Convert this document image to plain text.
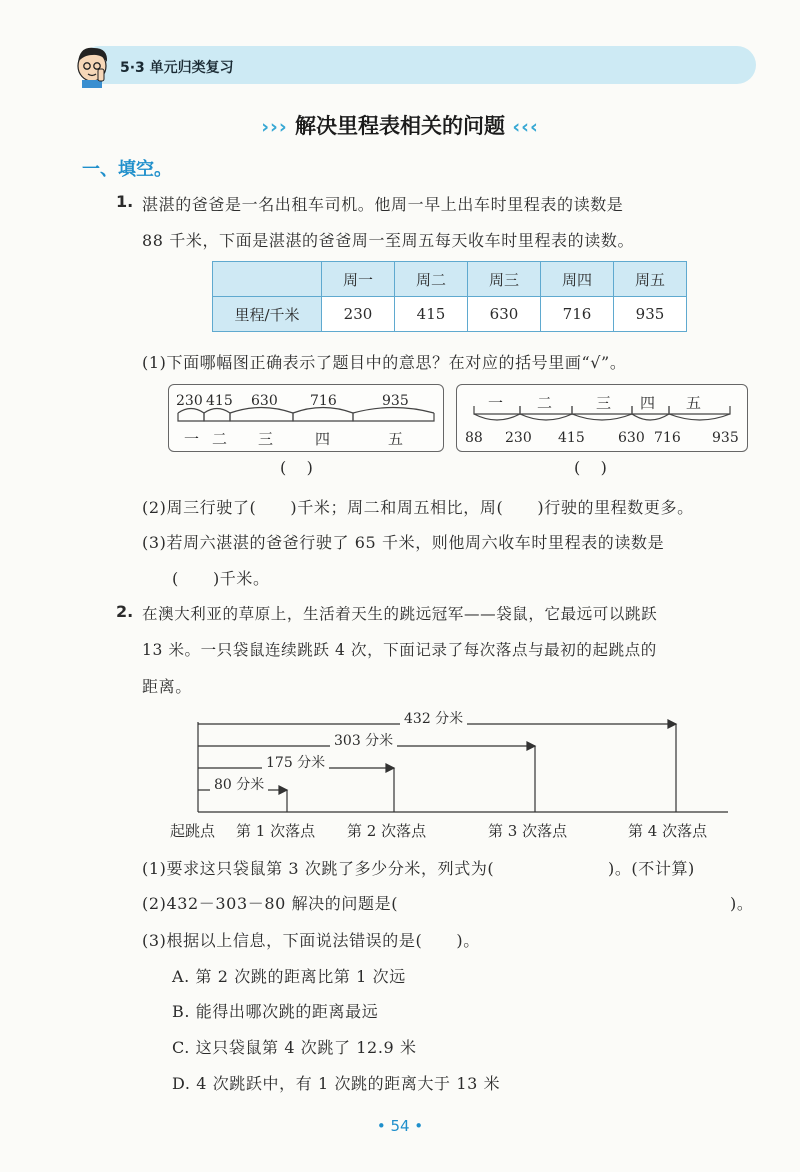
5·3 单元归类复习
››› 解决里程表相关的问题 ‹‹‹
一、填空。
1. 湛湛的爸爸是一名出租车司机。他周一早上出车时里程表的读数是
88 千米，下面是湛湛的爸爸周一至周五每天收车时里程表的读数。
	周一	周二	周三	周四	周五
里程/千米	230	415	630	716	935
(1)下面哪幅图正确表示了题目中的意思？在对应的括号里画“√”。
230 415 630 716	935
一 二 三	四	五
(    )
一 二	三 四 五
88 230 415 630 716 935
(    )
(2)周三行驶了(      )千米；周二和周五相比，周(      )行驶的里程数更多。
(3)若周六湛湛的爸爸行驶了 65 千米，则他周六收车时里程表的读数是
(      )千米。
2. 在澳大利亚的草原上，生活着天生的跳远冠军——袋鼠，它最远可以跳跃
13 米。一只袋鼠连续跳跃 4 次，下面记录了每次落点与最初的起跳点的
距离。
432 分米
303 分米
175 分米
80 分米
起跳点 第 1 次落点 第 2 次落点	第 3 次落点	第 4 次落点
(1)要求这只袋鼠第 3 次跳了多少分米，列式为(                    )。(不计算)
(2)432－303－80 解决的问题是(	)。
(3)根据以上信息，下面说法错误的是(      )。
A. 第 2 次跳的距离比第 1 次远
B. 能得出哪次跳的距离最远
C. 这只袋鼠第 4 次跳了 12.9 米
D. 4 次跳跃中，有 1 次跳的距离大于 13 米
• 54 •
